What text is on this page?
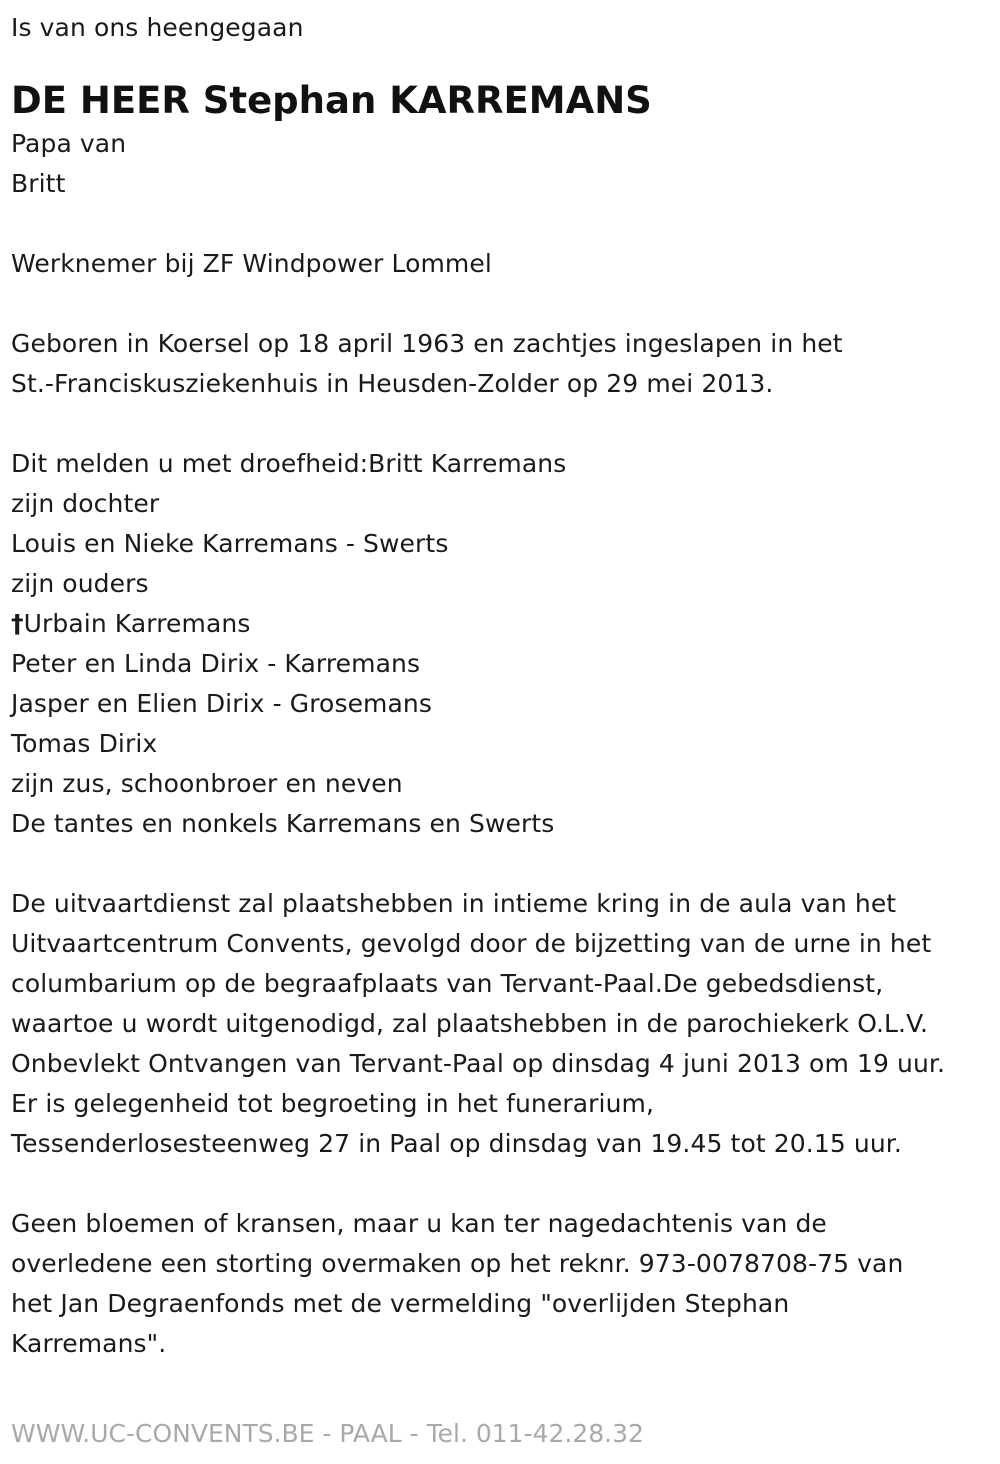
Is van ons heengegaan
DE HEER Stephan KARREMANS
Papa van
Britt
Werknemer bij ZF Windpower Lommel
Geboren in Koersel op 18 april 1963 en zachtjes ingeslapen in het
St.-Franciskusziekenhuis in Heusden-Zolder op 29 mei 2013.
Dit melden u met droefheid:Britt Karremans
zijn dochter
Louis en Nieke Karremans - Swerts
zijn ouders
†Urbain Karremans
Peter en Linda Dirix - Karremans
Jasper en Elien Dirix - Grosemans
Tomas Dirix
zijn zus, schoonbroer en neven
De tantes en nonkels Karremans en Swerts
De uitvaartdienst zal plaatshebben in intieme kring in de aula van het
Uitvaartcentrum Convents, gevolgd door de bijzetting van de urne in het
columbarium op de begraafplaats van Tervant-Paal.De gebedsdienst,
waartoe u wordt uitgenodigd, zal plaatshebben in de parochiekerk O.L.V.
Onbevlekt Ontvangen van Tervant-Paal op dinsdag 4 juni 2013 om 19 uur.
Er is gelegenheid tot begroeting in het funerarium,
Tessenderlosesteenweg 27 in Paal op dinsdag van 19.45 tot 20.15 uur.
Geen bloemen of kransen, maar u kan ter nagedachtenis van de
overledene een storting overmaken op het reknr. 973-0078708-75 van
het Jan Degraenfonds met de vermelding "overlijden Stephan
Karremans".
WWW.UC-CONVENTS.BE - PAAL - Tel. 011-42.28.32
